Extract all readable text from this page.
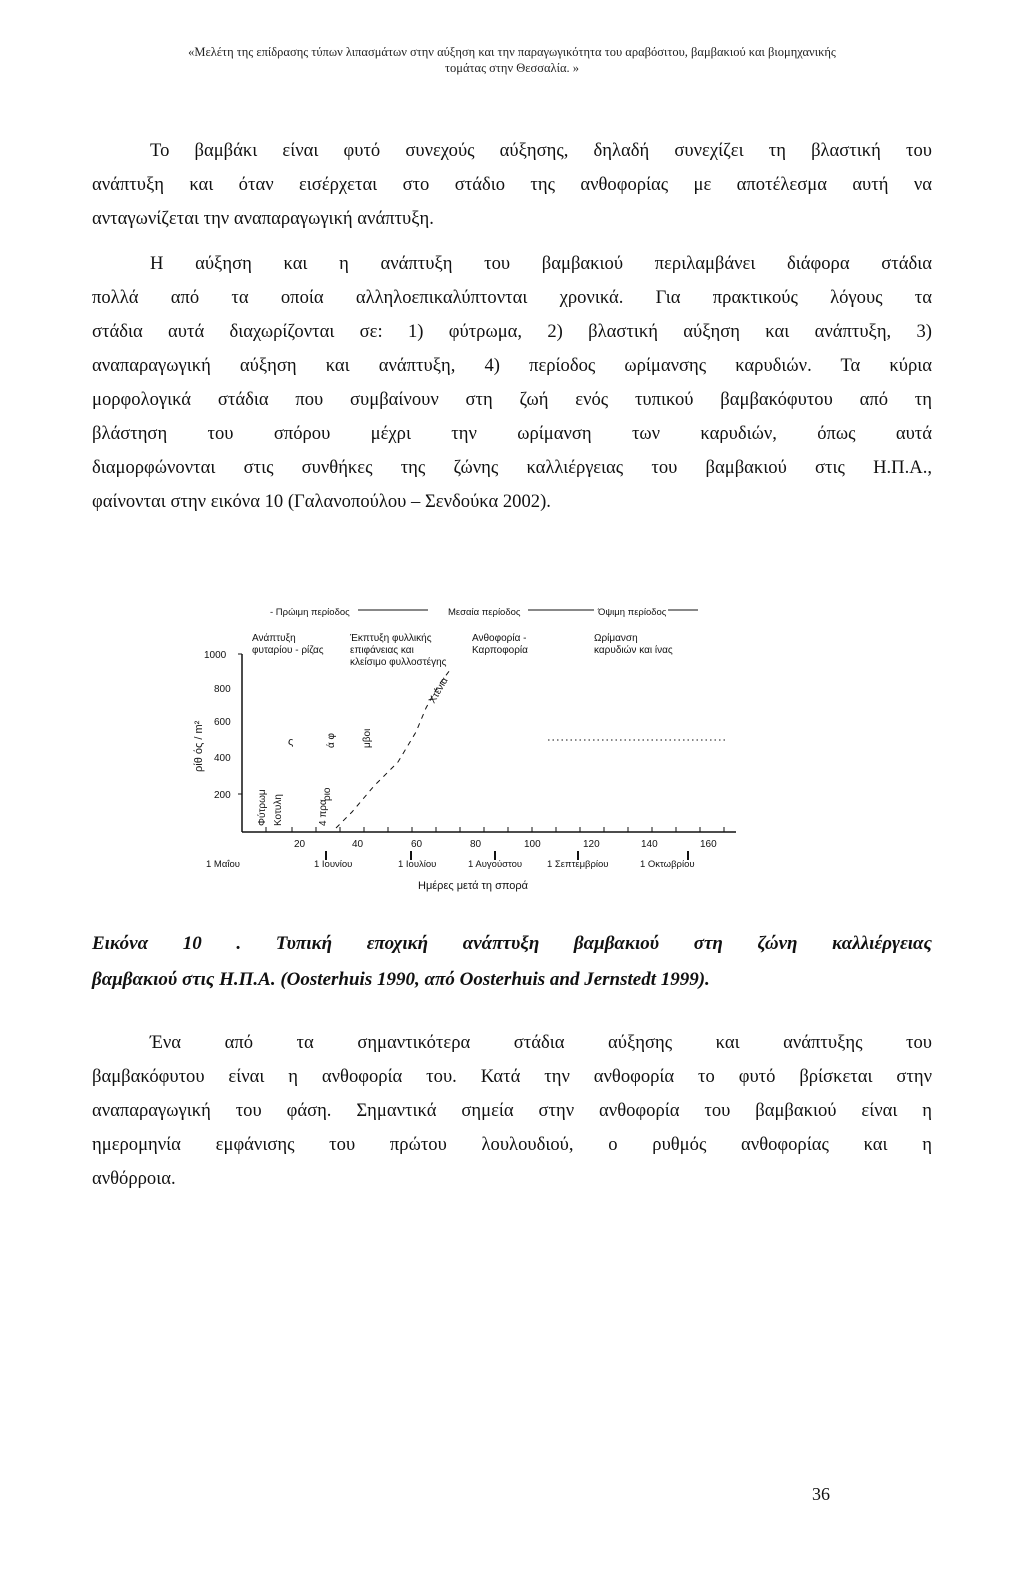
«Μελέτη της επίδρασης τύπων λιπασμάτων στην αύξηση και την παραγωγικότητα του αραβόσιτου, βαμβακιού και βιομηχανικής
τομάτας στην Θεσσαλία. »
Το βαμβάκι είναι φυτό συνεχούς αύξησης, δηλαδή συνεχίζει τη βλαστική του
ανάπτυξη και όταν εισέρχεται στο στάδιο της ανθοφορίας με αποτέλεσμα αυτή να
ανταγωνίζεται την αναπαραγωγική ανάπτυξη.
Η αύξηση και η ανάπτυξη του βαμβακιού περιλαμβάνει διάφορα στάδια
πολλά από τα οποία αλληλοεπικαλύπτονται χρονικά. Για πρακτικούς λόγους τα
στάδια αυτά διαχωρίζονται σε: 1) φύτρωμα, 2) βλαστική αύξηση και ανάπτυξη, 3)
αναπαραγωγική αύξηση και ανάπτυξη, 4) περίοδος ωρίμανσης καρυδιών. Τα κύρια
μορφολογικά στάδια που συμβαίνουν στη ζωή ενός τυπικού βαμβακόφυτου από τη
βλάστηση του σπόρου μέχρι την ωρίμανση των καρυδιών, όπως αυτά
διαμορφώνονται στις συνθήκες της ζώνης καλλιέργειας του βαμβακιού στις Η.Π.Α.,
φαίνονται στην εικόνα 10 (Γαλανοπούλου – Σενδούκα 2002).
- Πρώιμη περίοδος	Μεσαία περίοδος	Όψιμη περίοδος
Ανάπτυξη
φυταρίου - ρίζας
Έκπτυξη φυλλικής
επιφάνειας και
κλείσιμο φυλλοστέγης
Ανθοφορία -
Καρποφορία
Ωρίμανση
καρυδιών και ίνας
1000
800
600
400
200
ρίθ ός / m²
20	40	60	80	100	120	140	160
1 Μαΐου	1 Ιουνίου	1 Ιουλίου	1 Αυγούστου	1 Σεπτεμβρίου	1 Οκτωβρίου
Ημέρες μετά τη σπορά
Φύτρωμ Κοτυλη	4 πρα
ά φ	μβοι
ριο
ς
Χτένια
Εικόνα 10 . Τυπική εποχική ανάπτυξη βαμβακιού στη ζώνη καλλιέργειας
βαμβακιού στις Η.Π.Α. (Oosterhuis 1990, από Oosterhuis and Jernstedt 1999).
Ένα από τα σημαντικότερα στάδια αύξησης και ανάπτυξης του
βαμβακόφυτου είναι η ανθοφορία του. Κατά την ανθοφορία το φυτό βρίσκεται στην
αναπαραγωγική του φάση. Σημαντικά σημεία στην ανθοφορία του βαμβακιού είναι η
ημερομηνία εμφάνισης του πρώτου λουλουδιού, ο ρυθμός ανθοφορίας και η
ανθόρροια.
36
